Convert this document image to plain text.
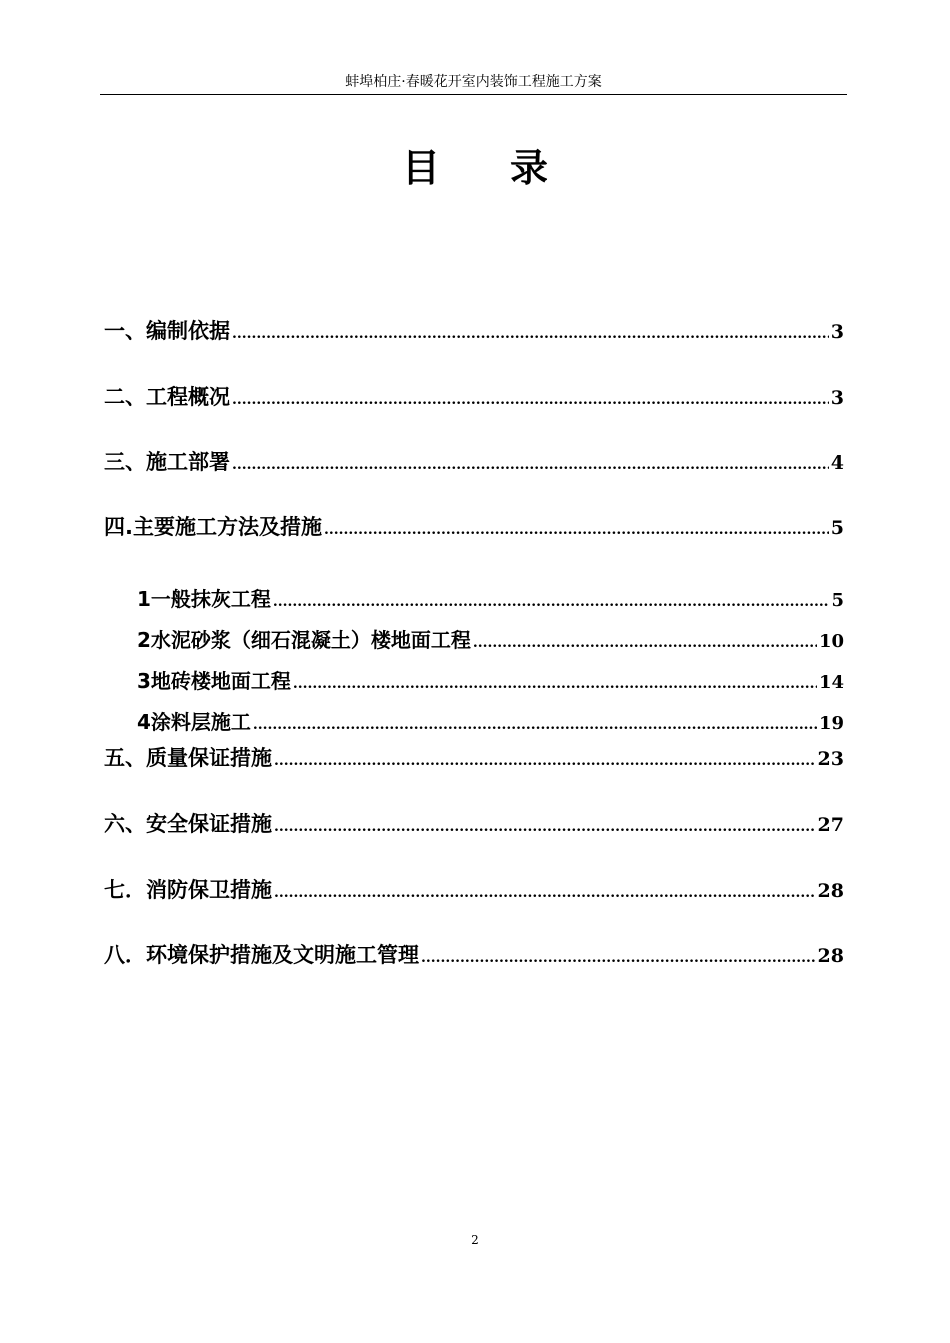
蚌埠柏庄·春暖花开室内装饰工程施工方案
目录
一、编制依据 .....	3
二、工程概况 .....	3
三、施工部署 .....	4
四.主要施工方法及措施 .....	5
1一般抹灰工程 .....	5
2水泥砂浆（细石混凝土）楼地面工程 .....	10
3地砖楼地面工程 .....	14
4涂料层施工 .....	19
五、质量保证措施 .....	23
六、安全保证措施 .....	27
七．消防保卫措施 .....	28
八．环境保护措施及文明施工管理 .....	28
2
